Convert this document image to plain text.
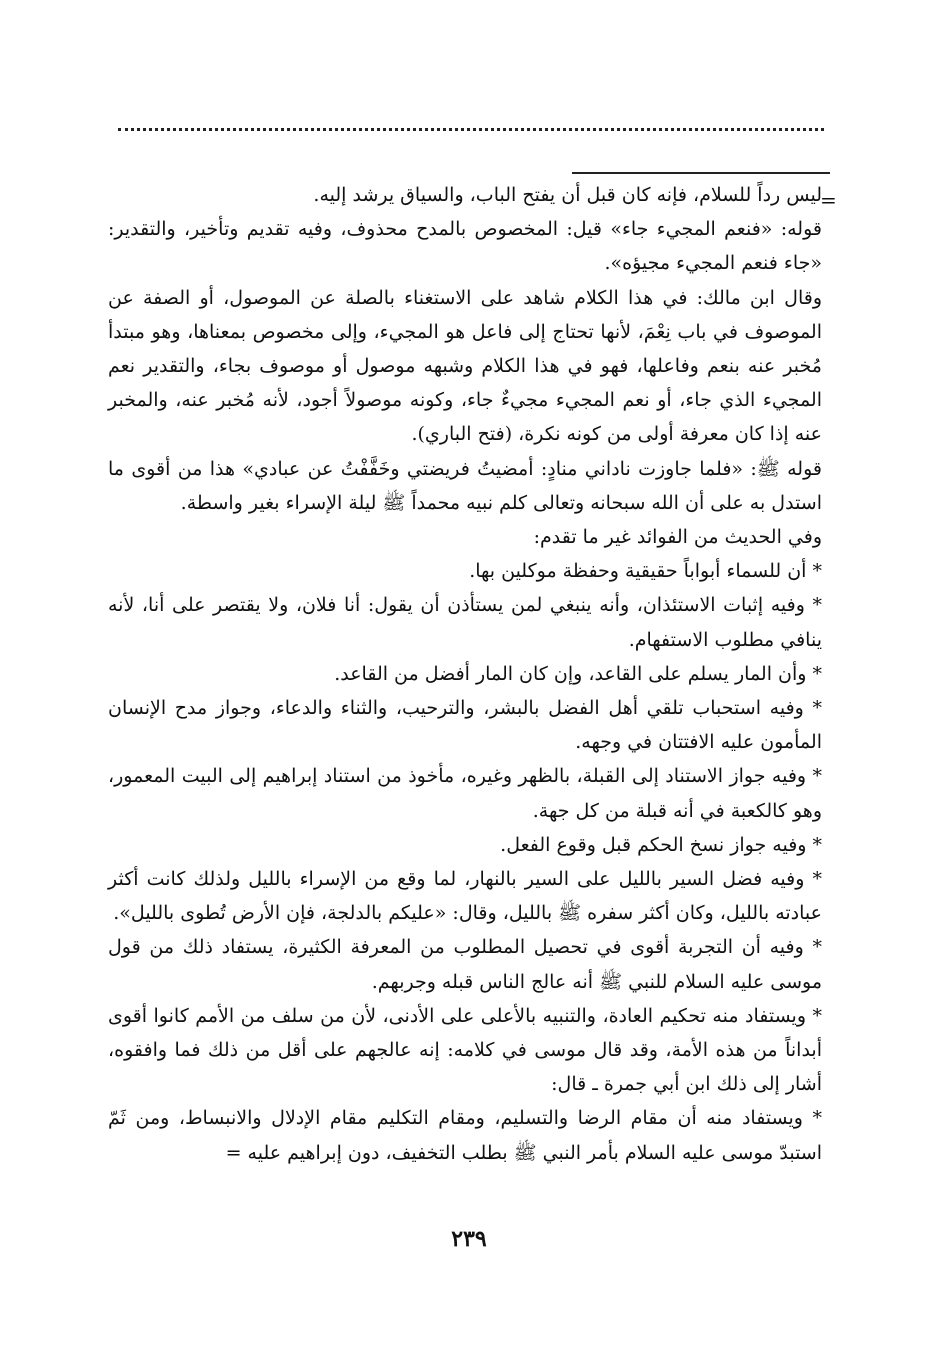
=

ليس رداً للسلام، فإنه كان قبل أن يفتح الباب، والسياق يرشد إليه.

قوله: «فنعم المجيء جاء» قيل: المخصوص بالمدح محذوف، وفيه تقديم وتأخير، والتقدير: «جاء فنعم المجيء مجيؤه».

وقال ابن مالك: في هذا الكلام شاهد على الاستغناء بالصلة عن الموصول، أو الصفة عن الموصوف في باب نِعْمَ، لأنها تحتاج إلى فاعل هو المجيء، وإلى مخصوص بمعناها، وهو مبتدأ مُخبر عنه بنعم وفاعلها، فهو في هذا الكلام وشبهه موصول أو موصوف بجاء، والتقدير نعم المجيء الذي جاء، أو نعم المجيء مجيءٌ جاء، وكونه موصولاً أجود، لأنه مُخبر عنه، والمخبر عنه إذا كان معرفة أولى من كونه نكرة، (فتح الباري).

قوله ﷺ: «فلما جاوزت ناداني منادٍ: أمضيتُ فريضتي وخَفَّفْتُ عن عبادي» هذا من أقوى ما استدل به على أن الله سبحانه وتعالى كلم نبيه محمداً ﷺ ليلة الإسراء بغير واسطة.

وفي الحديث من الفوائد غير ما تقدم:

* أن للسماء أبواباً حقيقية وحفظة موكلين بها.

* وفيه إثبات الاستئذان، وأنه ينبغي لمن يستأذن أن يقول: أنا فلان، ولا يقتصر على أنا، لأنه ينافي مطلوب الاستفهام.

* وأن المار يسلم على القاعد، وإن كان المار أفضل من القاعد.

* وفيه استحباب تلقي أهل الفضل بالبشر، والترحيب، والثناء والدعاء، وجواز مدح الإنسان المأمون عليه الافتتان في وجهه.

* وفيه جواز الاستناد إلى القبلة، بالظهر وغيره، مأخوذ من استناد إبراهيم إلى البيت المعمور، وهو كالكعبة في أنه قبلة من كل جهة.

* وفيه جواز نسخ الحكم قبل وقوع الفعل.

* وفيه فضل السير بالليل على السير بالنهار، لما وقع من الإسراء بالليل ولذلك كانت أكثر عبادته بالليل، وكان أكثر سفره ﷺ بالليل، وقال: «عليكم بالدلجة، فإن الأرض تُطوى بالليل».

* وفيه أن التجربة أقوى في تحصيل المطلوب من المعرفة الكثيرة، يستفاد ذلك من قول موسى عليه السلام للنبي ﷺ أنه عالج الناس قبله وجربهم.

* ويستفاد منه تحكيم العادة، والتنبيه بالأعلى على الأدنى، لأن من سلف من الأمم كانوا أقوى أبداناً من هذه الأمة، وقد قال موسى في كلامه: إنه عالجهم على أقل من ذلك فما وافقوه، أشار إلى ذلك ابن أبي جمرة ـ قال:

* ويستفاد منه أن مقام الرضا والتسليم، ومقام التكليم مقام الإدلال والانبساط، ومن ثَمّ استبدّ موسى عليه السلام بأمر النبي ﷺ بطلب التخفيف، دون إبراهيم عليه =

٢٣٩
